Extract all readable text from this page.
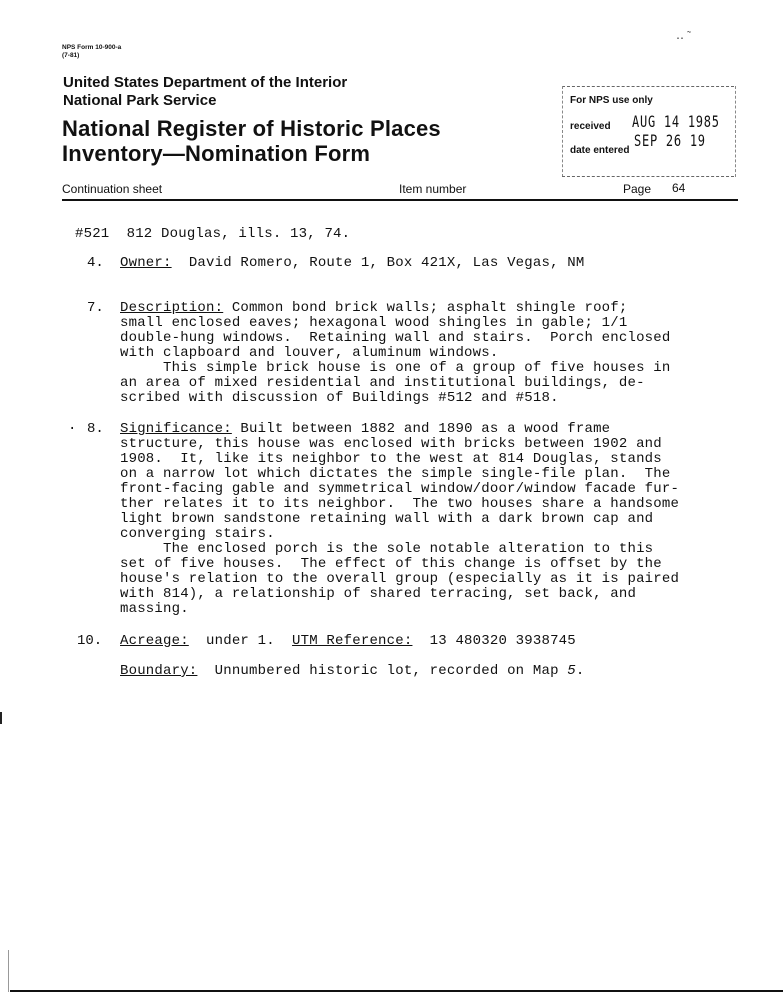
NPS Form 10-900-a
(7-81)
‥ ˜
United States Department of the Interior
National Park Service
National Register of Historic Places
Inventory—Nomination Form
For NPS use only
received AUG 14 1985
date entered
SEP 26 19
Continuation sheet	Item number	Page 64
#521  812 Douglas, ills. 13, 74.
4. Owner: David Romero, Route 1, Box 421X, Las Vegas, NM
7. Description: Common bond brick walls; asphalt shingle roof;
small enclosed eaves; hexagonal wood shingles in gable; 1/1
double-hung windows.  Retaining wall and stairs.  Porch enclosed
with clapboard and louver, aluminum windows.
This simple brick house is one of a group of five houses in
an area of mixed residential and institutional buildings, de-
scribed with discussion of Buildings #512 and #518.
· 8. Significance: Built between 1882 and 1890 as a wood frame
structure, this house was enclosed with bricks between 1902 and
1908.  It, like its neighbor to the west at 814 Douglas, stands
on a narrow lot which dictates the simple single-file plan.  The
front-facing gable and symmetrical window/door/window facade fur-
ther relates it to its neighbor.  The two houses share a handsome
light brown sandstone retaining wall with a dark brown cap and
converging stairs.
The enclosed porch is the sole notable alteration to this
set of five houses.  The effect of this change is offset by the
house's relation to the overall group (especially as it is paired
with 814), a relationship of shared terracing, set back, and
massing.
10. Acreage:  under 1.  UTM Reference:  13 480320 3938745
Boundary:  Unnumbered historic lot, recorded on Map 5.
